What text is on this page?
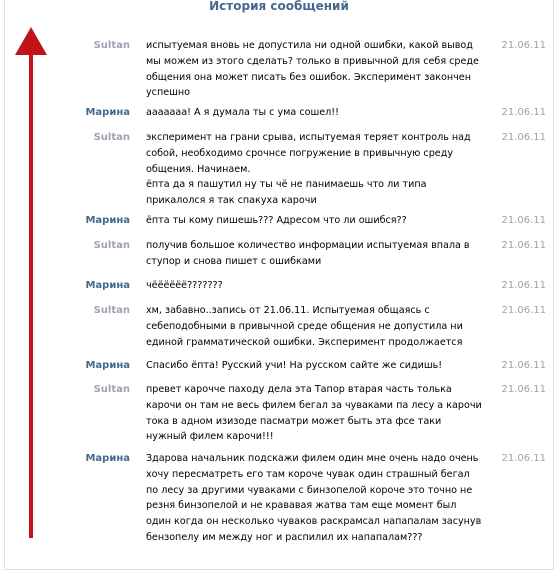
История сообщений
Sultan испытуемая вновь не допустила ни одной ошибки, какой вывод
мы можем из этого сделать? только в привычной для себя среде
общения она может писать без ошибок. Эксперимент закончен
успешно
21.06.11
Марина ааааааа! А я думала ты с ума сошел!!	21.06.11
Sultan эксперимент на грани срыва, испытуемая теряет контроль над
собой, необходимо срочнсе погружение в привычную среду
общения. Начинаем.
ёпта да я пашутил ну ты чё не панимаешь что ли типа
прикалолся я так спакуха карочи
21.06.11
Марина ёпта ты кому пишешь??? Адресом что ли ошибся??	21.06.11
Sultan получив большое количество информации испытуемая впала в
ступор и снова пишет с ошибками
21.06.11
Марина чёёёёёё???????	21.06.11
Sultan хм, забавно..запись от 21.06.11. Испытуемая общаясь с
себеподобными в привычной среде общения не допустила ни
единой грамматической ошибки. Эксперимент продолжается
21.06.11
Марина Спасибо ёпта! Русский учи! На русском сайте же сидишь!	21.06.11
Sultan превет карочче паходу дела эта Тапор втарая часть толька
карочи он там не весь филем бегал за чуваками па лесу а карочи
тока в адном изизоде пасматри может быть эта фсе таки
нужный филем карочи!!!
21.06.11
Марина Здарова начальник подскажи филем один мне очень надо очень
хочу пересматреть его там короче чувак один страшный бегал
по лесу за другими чуваками с бинзопелой короче это точно не
резня бинзопелой и не крававая жатва там еще момент был
один когда он несколько чуваков раскрамсал напапалам засунув
бензопелу им между ног и распилил их напапалам???
21.06.11
